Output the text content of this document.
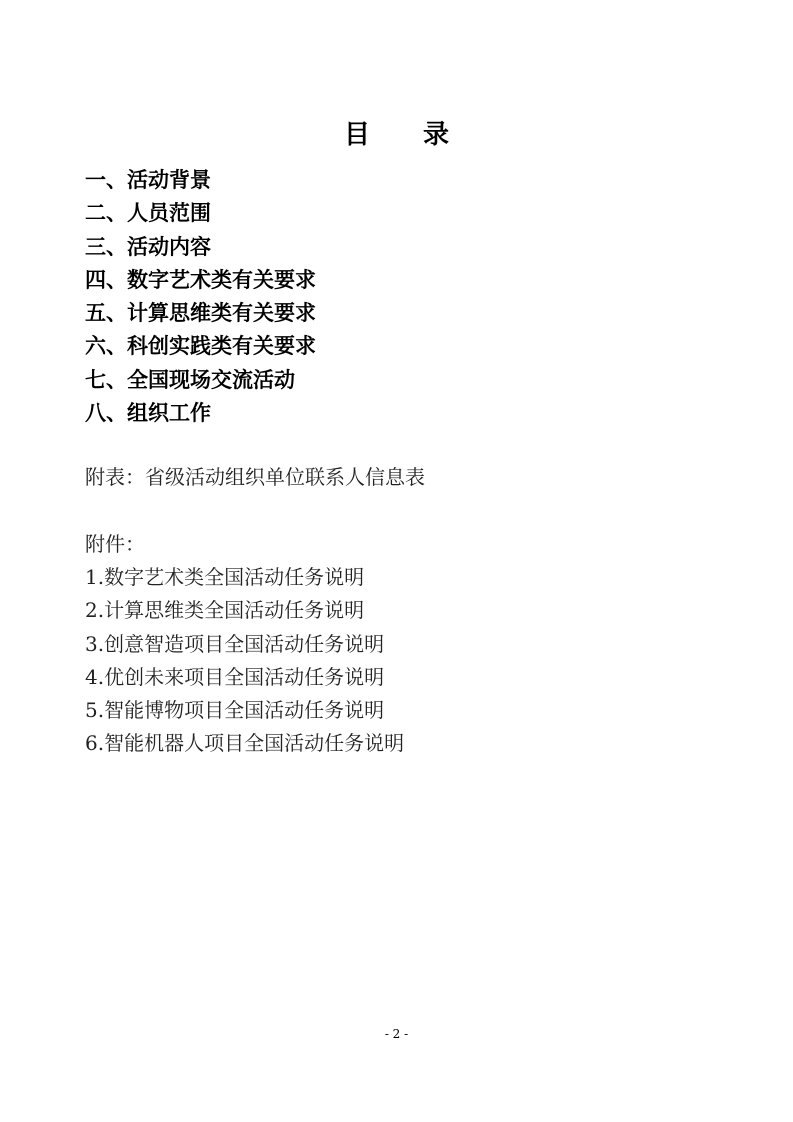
目 录
一、活动背景
二、人员范围
三、活动内容
四、数字艺术类有关要求
五、计算思维类有关要求
六、科创实践类有关要求
七、全国现场交流活动
八、组织工作
附表：省级活动组织单位联系人信息表
附件：
1.数字艺术类全国活动任务说明
2.计算思维类全国活动任务说明
3.创意智造项目全国活动任务说明
4.优创未来项目全国活动任务说明
5.智能博物项目全国活动任务说明
6.智能机器人项目全国活动任务说明
- 2 -
